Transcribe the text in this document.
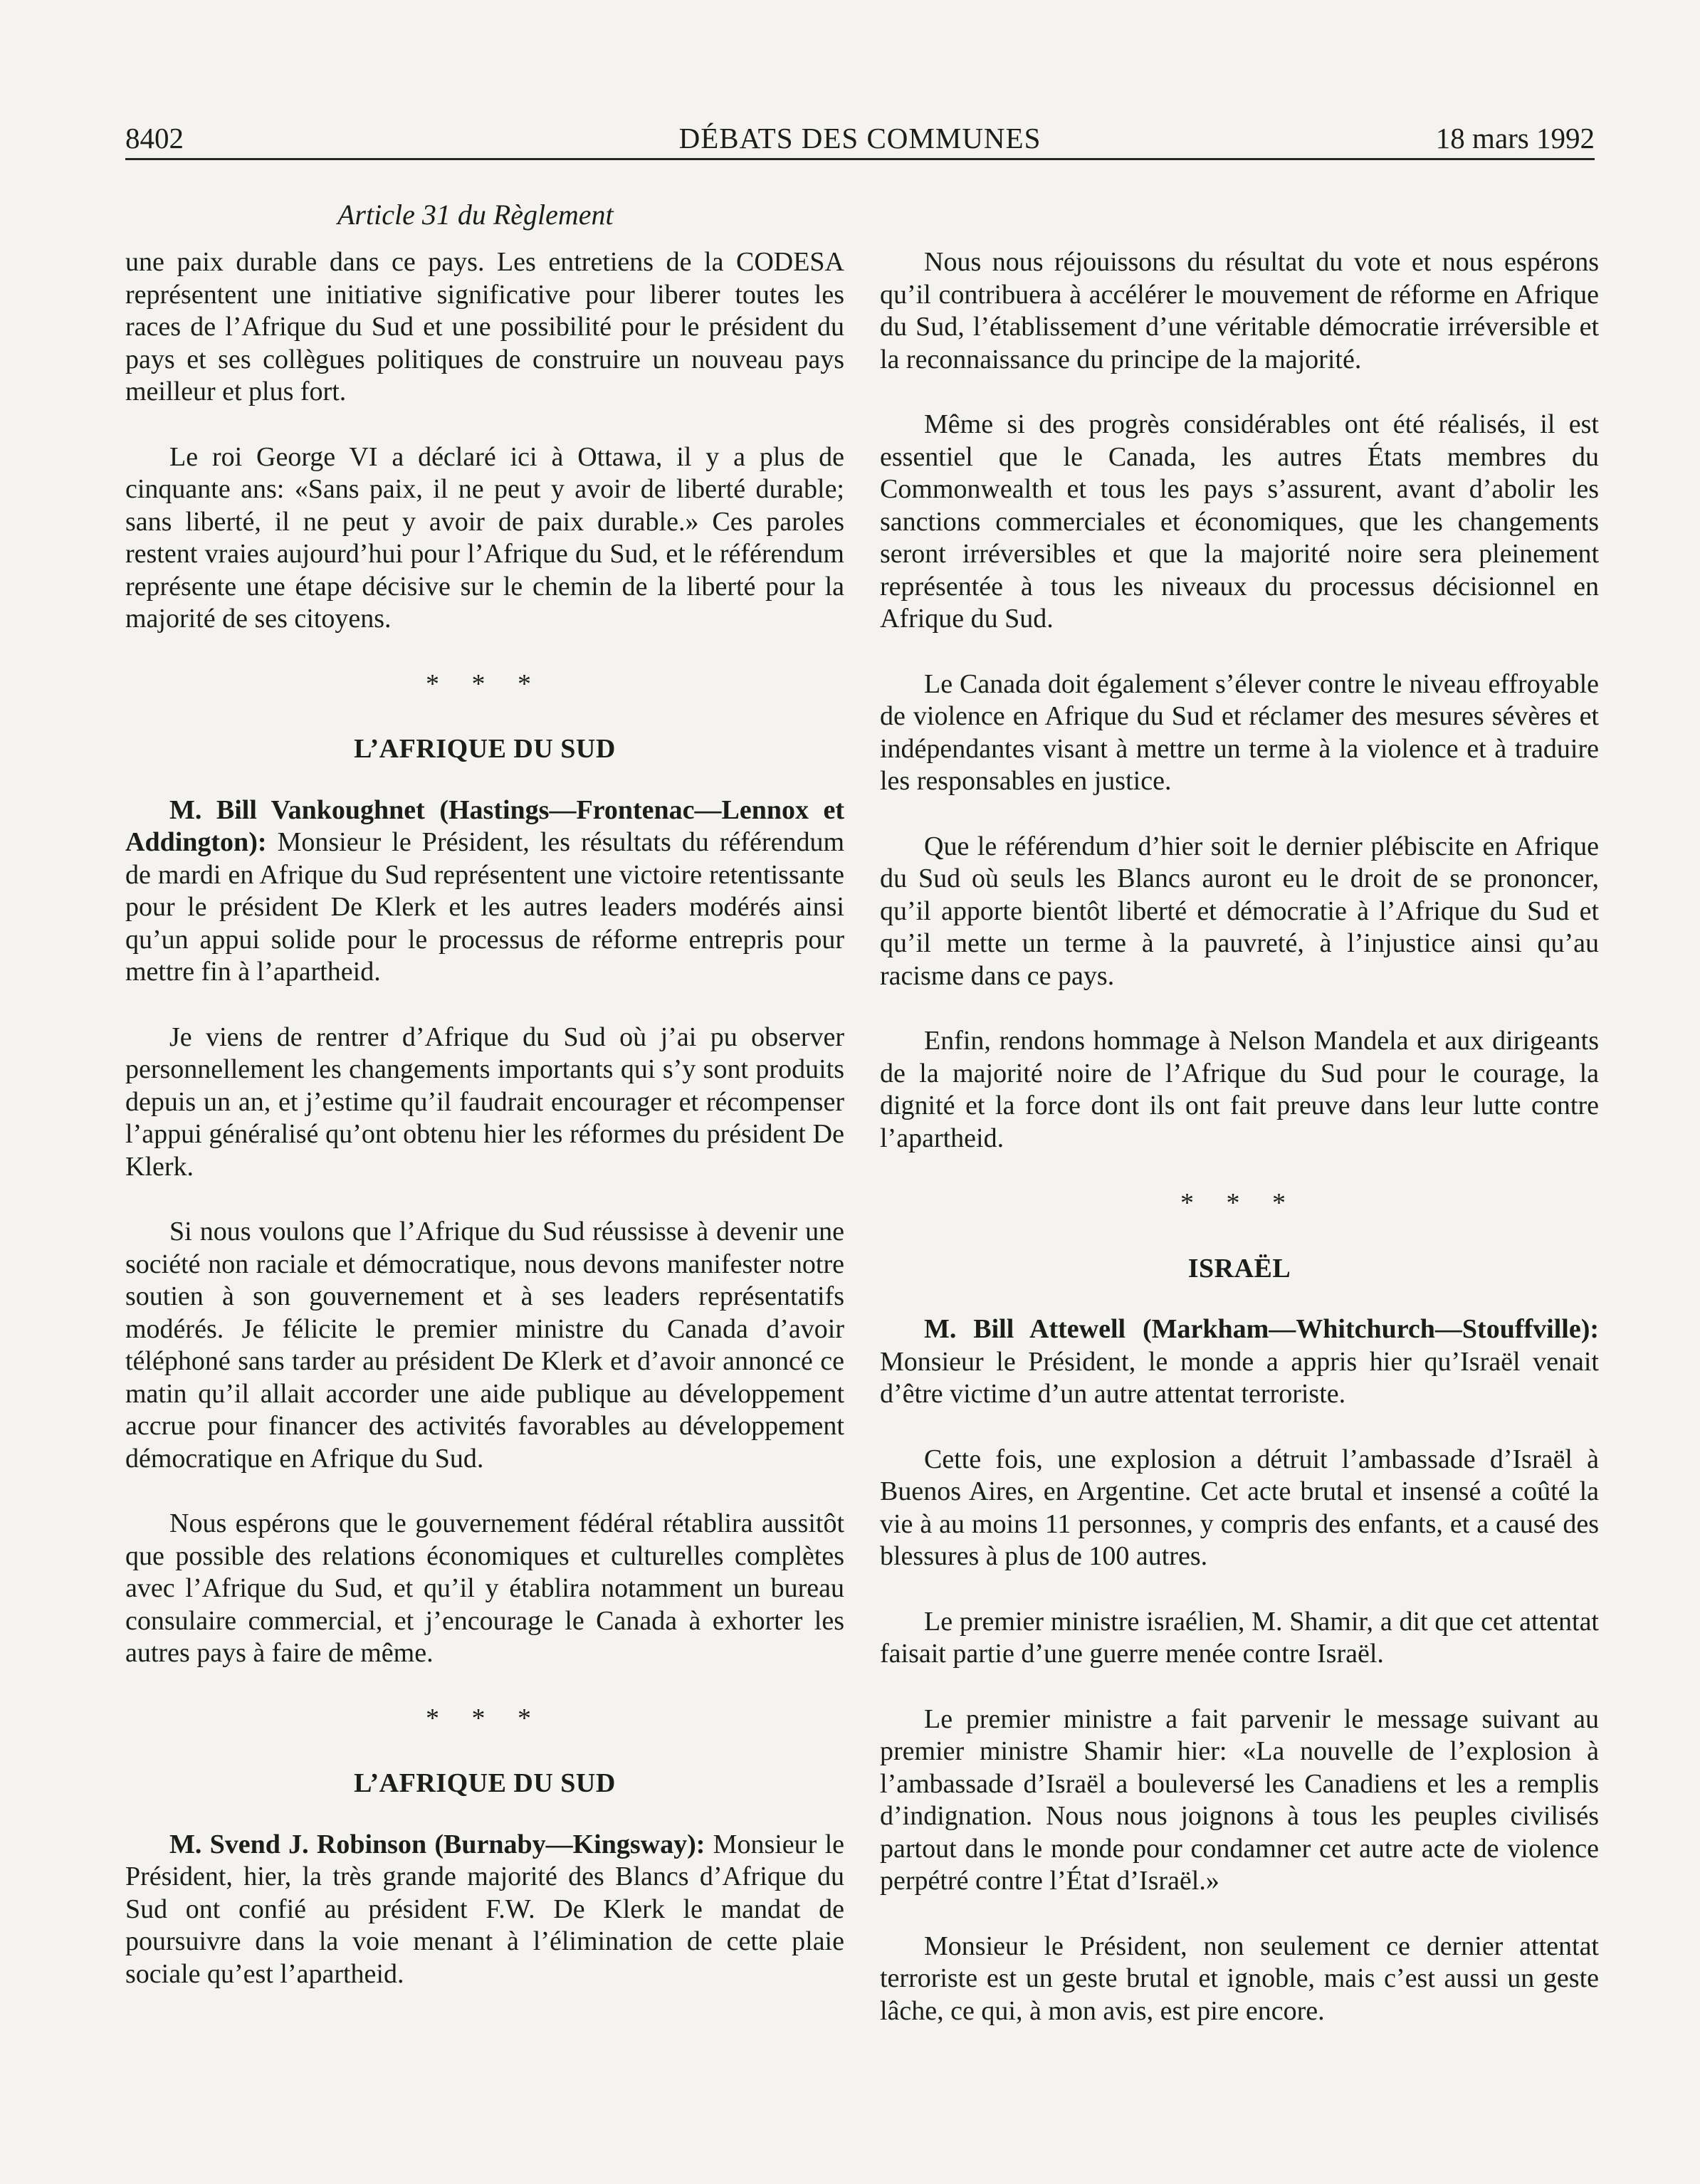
8402	DÉBATS DES COMMUNES	18 mars 1992
Article 31 du Règlement

une paix durable dans ce pays. Les entretiens de la CODESA représentent une initiative significative pour liberer toutes les races de l’Afrique du Sud et une possibilité pour le président du pays et ses collègues politiques de construire un nouveau pays meilleur et plus fort.

Le roi George VI a déclaré ici à Ottawa, il y a plus de cinquante ans: «Sans paix, il ne peut y avoir de liberté durable; sans liberté, il ne peut y avoir de paix durable.» Ces paroles restent vraies aujourd’hui pour l’Afrique du Sud, et le référendum représente une étape décisive sur le chemin de la liberté pour la majorité de ses citoyens.

* * *
L’AFRIQUE DU SUD

M. Bill Vankoughnet (Hastings—Frontenac—Lennox et Addington): Monsieur le Président, les résultats du référendum de mardi en Afrique du Sud représentent une victoire retentissante pour le président De Klerk et les autres leaders modérés ainsi qu’un appui solide pour le processus de réforme entrepris pour mettre fin à l’apartheid.

Je viens de rentrer d’Afrique du Sud où j’ai pu observer personnellement les changements importants qui s’y sont produits depuis un an, et j’estime qu’il faudrait encourager et récompenser l’appui généralisé qu’ont obtenu hier les réformes du président De Klerk.

Si nous voulons que l’Afrique du Sud réussisse à devenir une société non raciale et démocratique, nous devons manifester notre soutien à son gouvernement et à ses leaders représentatifs modérés. Je félicite le premier ministre du Canada d’avoir téléphoné sans tarder au président De Klerk et d’avoir annoncé ce matin qu’il allait accorder une aide publique au développement accrue pour financer des activités favorables au développement démocratique en Afrique du Sud.

Nous espérons que le gouvernement fédéral rétablira aussitôt que possible des relations économiques et culturelles complètes avec l’Afrique du Sud, et qu’il y établira notamment un bureau consulaire commercial, et j’encourage le Canada à exhorter les autres pays à faire de même.

* * *
L’AFRIQUE DU SUD

M. Svend J. Robinson (Burnaby—Kingsway): Monsieur le Président, hier, la très grande majorité des Blancs d’Afrique du Sud ont confié au président F.W. De Klerk le mandat de poursuivre dans la voie menant à l’élimination de cette plaie sociale qu’est l’apartheid.

Nous nous réjouissons du résultat du vote et nous espérons qu’il contribuera à accélérer le mouvement de réforme en Afrique du Sud, l’établissement d’une véritable démocratie irréversible et la reconnaissance du principe de la majorité.

Même si des progrès considérables ont été réalisés, il est essentiel que le Canada, les autres États membres du Commonwealth et tous les pays s’assurent, avant d’abolir les sanctions commerciales et économiques, que les changements seront irréversibles et que la majorité noire sera pleinement représentée à tous les niveaux du processus décisionnel en Afrique du Sud.

Le Canada doit également s’élever contre le niveau effroyable de violence en Afrique du Sud et réclamer des mesures sévères et indépendantes visant à mettre un terme à la violence et à traduire les responsables en justice.

Que le référendum d’hier soit le dernier plébiscite en Afrique du Sud où seuls les Blancs auront eu le droit de se prononcer, qu’il apporte bientôt liberté et démocratie à l’Afrique du Sud et qu’il mette un terme à la pauvreté, à l’injustice ainsi qu’au racisme dans ce pays.

Enfin, rendons hommage à Nelson Mandela et aux dirigeants de la majorité noire de l’Afrique du Sud pour le courage, la dignité et la force dont ils ont fait preuve dans leur lutte contre l’apartheid.

* * *
ISRAËL

M. Bill Attewell (Markham—Whitchurch—Stouffville): Monsieur le Président, le monde a appris hier qu’Israël venait d’être victime d’un autre attentat terroriste.

Cette fois, une explosion a détruit l’ambassade d’Israël à Buenos Aires, en Argentine. Cet acte brutal et insensé a coûté la vie à au moins 11 personnes, y compris des enfants, et a causé des blessures à plus de 100 autres.

Le premier ministre israélien, M. Shamir, a dit que cet attentat faisait partie d’une guerre menée contre Israël.

Le premier ministre a fait parvenir le message suivant au premier ministre Shamir hier: «La nouvelle de l’explosion à l’ambassade d’Israël a bouleversé les Canadiens et les a remplis d’indignation. Nous nous joignons à tous les peuples civilisés partout dans le monde pour condamner cet autre acte de violence perpétré contre l’État d’Israël.»

Monsieur le Président, non seulement ce dernier attentat terroriste est un geste brutal et ignoble, mais c’est aussi un geste lâche, ce qui, à mon avis, est pire encore.
